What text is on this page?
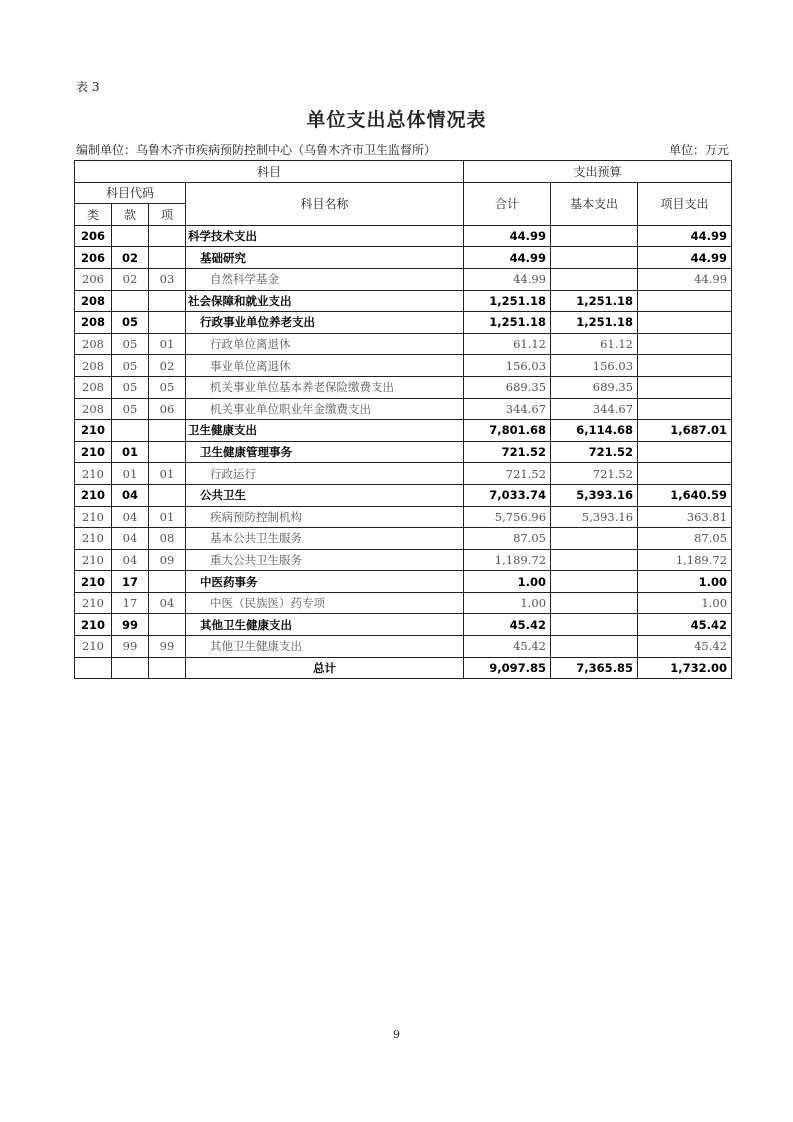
表 3
单位支出总体情况表
编制单位：乌鲁木齐市疾病预防控制中心（乌鲁木齐市卫生监督所）	单位：万元
科目				支出预算		
科目代码			科目名称	合计	基本支出	项目支出
类	款	项				
206			科学技术支出	44.99		44.99
206	02		基础研究	44.99		44.99
206	02	03	自然科学基金	44.99		44.99
208			社会保障和就业支出	1,251.18	1,251.18	
208	05		行政事业单位养老支出	1,251.18	1,251.18	
208	05	01	行政单位离退休	61.12	61.12	
208	05	02	事业单位离退休	156.03	156.03	
208	05	05	机关事业单位基本养老保险缴费支出	689.35	689.35	
208	05	06	机关事业单位职业年金缴费支出	344.67	344.67	
210			卫生健康支出	7,801.68	6,114.68	1,687.01
210	01		卫生健康管理事务	721.52	721.52	
210	01	01	行政运行	721.52	721.52	
210	04		公共卫生	7,033.74	5,393.16	1,640.59
210	04	01	疾病预防控制机构	5,756.96	5,393.16	363.81
210	04	08	基本公共卫生服务	87.05		87.05
210	04	09	重大公共卫生服务	1,189.72		1,189.72
210	17		中医药事务	1.00		1.00
210	17	04	中医（民族医）药专项	1.00		1.00
210	99		其他卫生健康支出	45.42		45.42
210	99	99	其他卫生健康支出	45.42		45.42
			总计	9,097.85	7,365.85	1,732.00
9
